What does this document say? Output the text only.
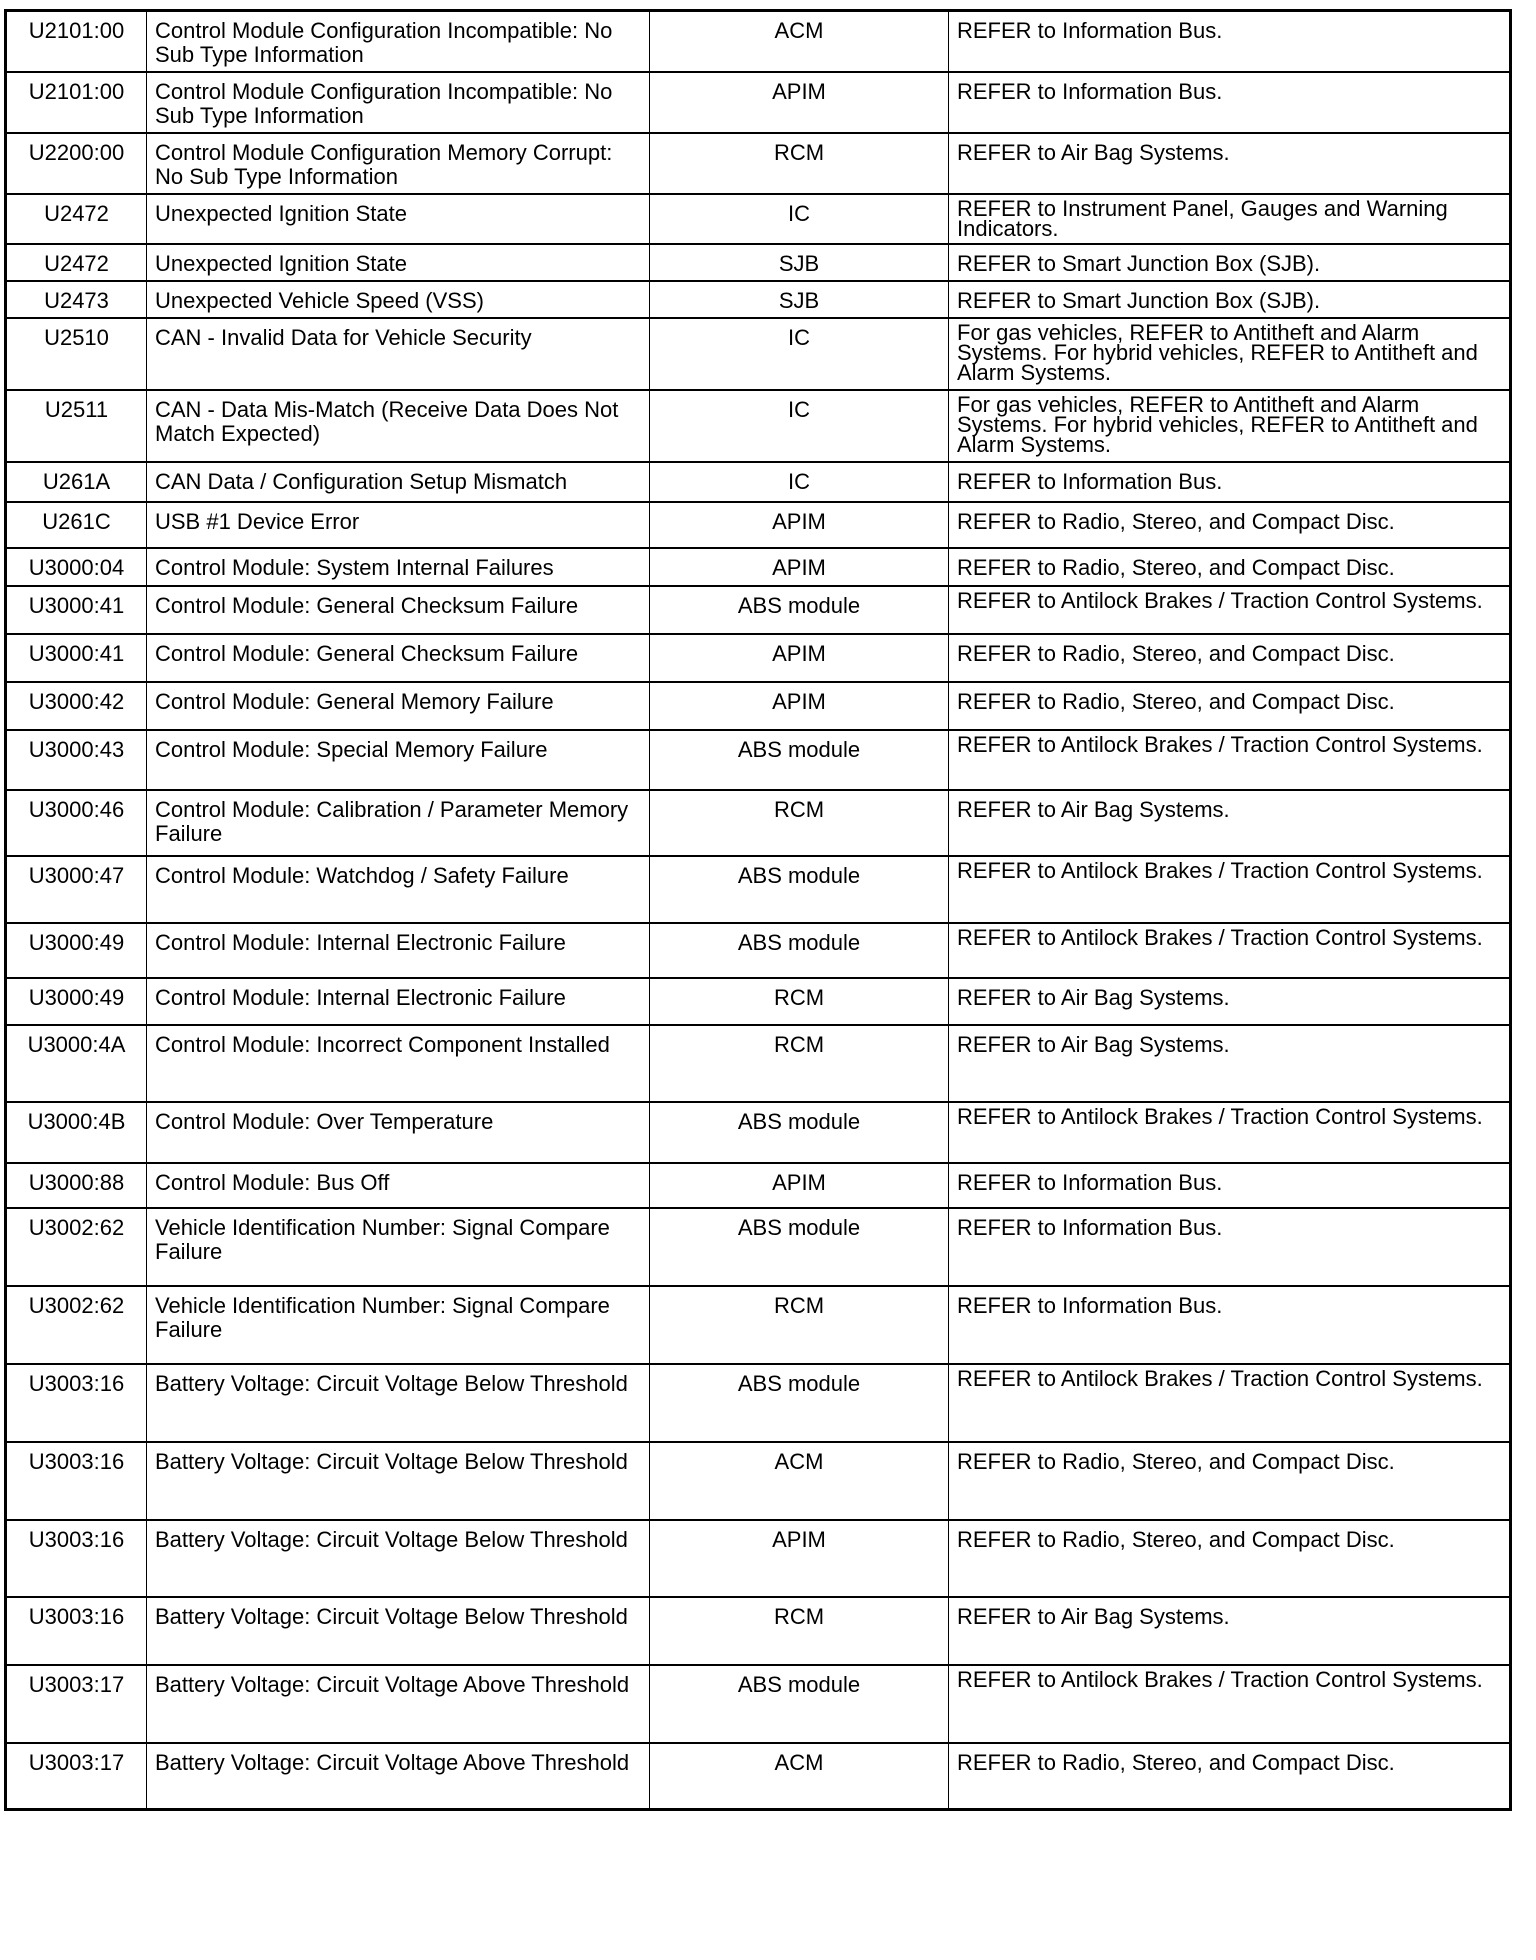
U2101:00	Control Module Configuration Incompatible: No Sub Type Information	ACM	REFER to Information Bus.
U2101:00	Control Module Configuration Incompatible: No Sub Type Information	APIM	REFER to Information Bus.
U2200:00	Control Module Configuration Memory Corrupt: No Sub Type Information	RCM	REFER to Air Bag Systems.
U2472	Unexpected Ignition State	IC	REFER to Instrument Panel, Gauges and Warning Indicators.
U2472	Unexpected Ignition State	SJB	REFER to Smart Junction Box (SJB).
U2473	Unexpected Vehicle Speed (VSS)	SJB	REFER to Smart Junction Box (SJB).
U2510	CAN - Invalid Data for Vehicle Security	IC	For gas vehicles, REFER to Antitheft and Alarm Systems. For hybrid vehicles, REFER to Antitheft and Alarm Systems.
U2511	CAN - Data Mis-Match (Receive Data Does Not Match Expected)	IC	For gas vehicles, REFER to Antitheft and Alarm Systems. For hybrid vehicles, REFER to Antitheft and Alarm Systems.
U261A	CAN Data / Configuration Setup Mismatch	IC	REFER to Information Bus.
U261C	USB #1 Device Error	APIM	REFER to Radio, Stereo, and Compact Disc.
U3000:04	Control Module: System Internal Failures	APIM	REFER to Radio, Stereo, and Compact Disc.
U3000:41	Control Module: General Checksum Failure	ABS module	REFER to Antilock Brakes / Traction Control Systems.
U3000:41	Control Module: General Checksum Failure	APIM	REFER to Radio, Stereo, and Compact Disc.
U3000:42	Control Module: General Memory Failure	APIM	REFER to Radio, Stereo, and Compact Disc.
U3000:43	Control Module: Special Memory Failure	ABS module	REFER to Antilock Brakes / Traction Control Systems.
U3000:46	Control Module: Calibration / Parameter Memory Failure	RCM	REFER to Air Bag Systems.
U3000:47	Control Module: Watchdog / Safety Failure	ABS module	REFER to Antilock Brakes / Traction Control Systems.
U3000:49	Control Module: Internal Electronic Failure	ABS module	REFER to Antilock Brakes / Traction Control Systems.
U3000:49	Control Module: Internal Electronic Failure	RCM	REFER to Air Bag Systems.
U3000:4A	Control Module: Incorrect Component Installed	RCM	REFER to Air Bag Systems.
U3000:4B	Control Module: Over Temperature	ABS module	REFER to Antilock Brakes / Traction Control Systems.
U3000:88	Control Module: Bus Off	APIM	REFER to Information Bus.
U3002:62	Vehicle Identification Number: Signal Compare Failure	ABS module	REFER to Information Bus.
U3002:62	Vehicle Identification Number: Signal Compare Failure	RCM	REFER to Information Bus.
U3003:16	Battery Voltage: Circuit Voltage Below Threshold	ABS module	REFER to Antilock Brakes / Traction Control Systems.
U3003:16	Battery Voltage: Circuit Voltage Below Threshold	ACM	REFER to Radio, Stereo, and Compact Disc.
U3003:16	Battery Voltage: Circuit Voltage Below Threshold	APIM	REFER to Radio, Stereo, and Compact Disc.
U3003:16	Battery Voltage: Circuit Voltage Below Threshold	RCM	REFER to Air Bag Systems.
U3003:17	Battery Voltage: Circuit Voltage Above Threshold	ABS module	REFER to Antilock Brakes / Traction Control Systems.
U3003:17	Battery Voltage: Circuit Voltage Above Threshold	ACM	REFER to Radio, Stereo, and Compact Disc.
